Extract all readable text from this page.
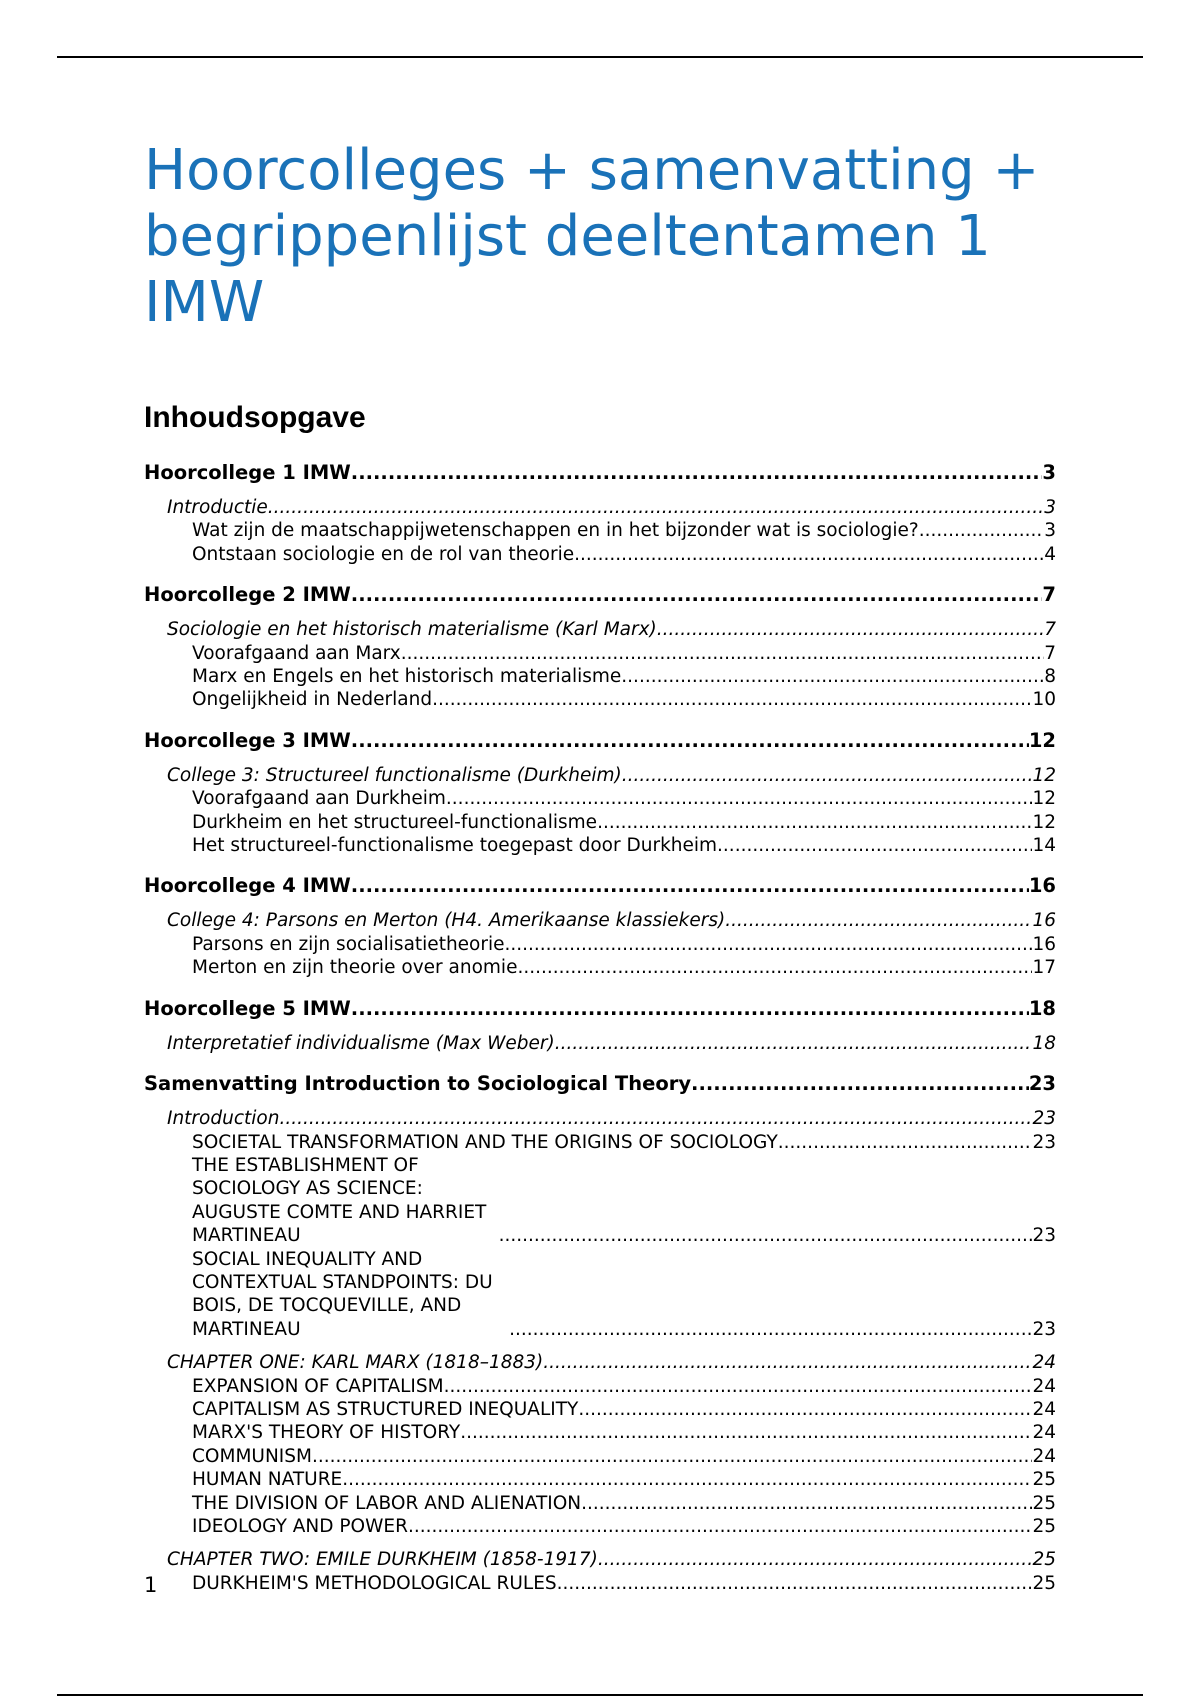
Hoorcolleges + samenvatting + begrippenlijst deeltentamen 1 IMW
Inhoudsopgave
Hoorcollege 1 IMW .....	3
Introductie .....	3
Wat zijn de maatschappijwetenschappen en in het bijzonder wat is sociologie? .....	3
Ontstaan sociologie en de rol van theorie .....	4
Hoorcollege 2 IMW .....	7
Sociologie en het historisch materialisme (Karl Marx) .....	7
Voorafgaand aan Marx .....	7
Marx en Engels en het historisch materialisme .....	8
Ongelijkheid in Nederland .....	10
Hoorcollege 3 IMW .....	12
College 3: Structureel functionalisme (Durkheim) .....	12
Voorafgaand aan Durkheim .....	12
Durkheim en het structureel-functionalisme .....	12
Het structureel-functionalisme toegepast door Durkheim .....	14
Hoorcollege 4 IMW .....	16
College 4: Parsons en Merton (H4. Amerikaanse klassiekers) .....	16
Parsons en zijn socialisatietheorie .....	16
Merton en zijn theorie over anomie .....	17
Hoorcollege 5 IMW .....	18
Interpretatief individualisme (Max Weber) .....	18
Samenvatting Introduction to Sociological Theory .....	23
Introduction .....	23
SOCIETAL TRANSFORMATION AND THE ORIGINS OF SOCIOLOGY .....	23
THE ESTABLISHMENT OF SOCIOLOGY AS SCIENCE: AUGUSTE COMTE AND HARRIET MARTINEAU .....	23
SOCIAL INEQUALITY AND CONTEXTUAL STANDPOINTS: DU BOIS, DE TOCQUEVILLE, AND MARTINEAU .....	23
CHAPTER ONE: KARL MARX (1818–1883) .....	24
EXPANSION OF CAPITALISM .....	24
CAPITALISM AS STRUCTURED INEQUALITY .....	24
MARX'S THEORY OF HISTORY .....	24
COMMUNISM .....	24
HUMAN NATURE .....	25
THE DIVISION OF LABOR AND ALIENATION .....	25
IDEOLOGY AND POWER .....	25
CHAPTER TWO: EMILE DURKHEIM (1858-1917) .....	25
DURKHEIM'S METHODOLOGICAL RULES .....	25
1
